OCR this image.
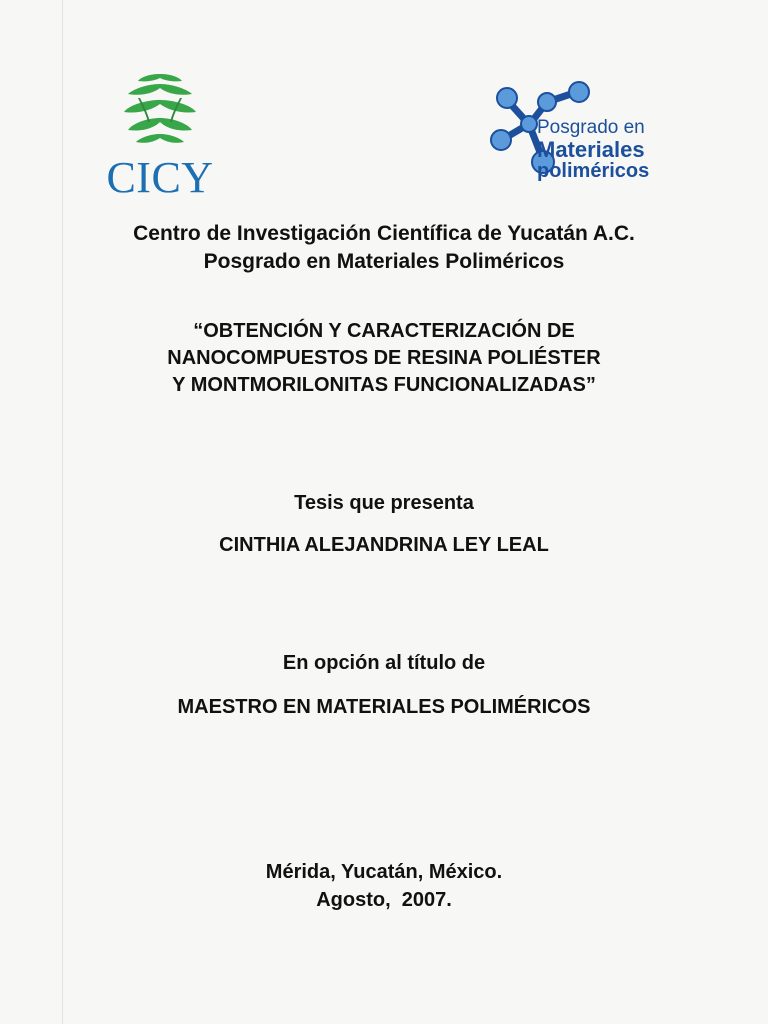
CICY
Posgrado en
Materiales
poliméricos
Centro de Investigación Científica de Yucatán A.C.
Posgrado en Materiales Poliméricos
“OBTENCIÓN Y CARACTERIZACIÓN DE
NANOCOMPUESTOS DE RESINA POLIÉSTER
Y MONTMORILONITAS FUNCIONALIZADAS”
Tesis que presenta
CINTHIA ALEJANDRINA LEY LEAL
En opción al título de
MAESTRO EN MATERIALES POLIMÉRICOS
Mérida, Yucatán, México.
Agosto,  2007.
